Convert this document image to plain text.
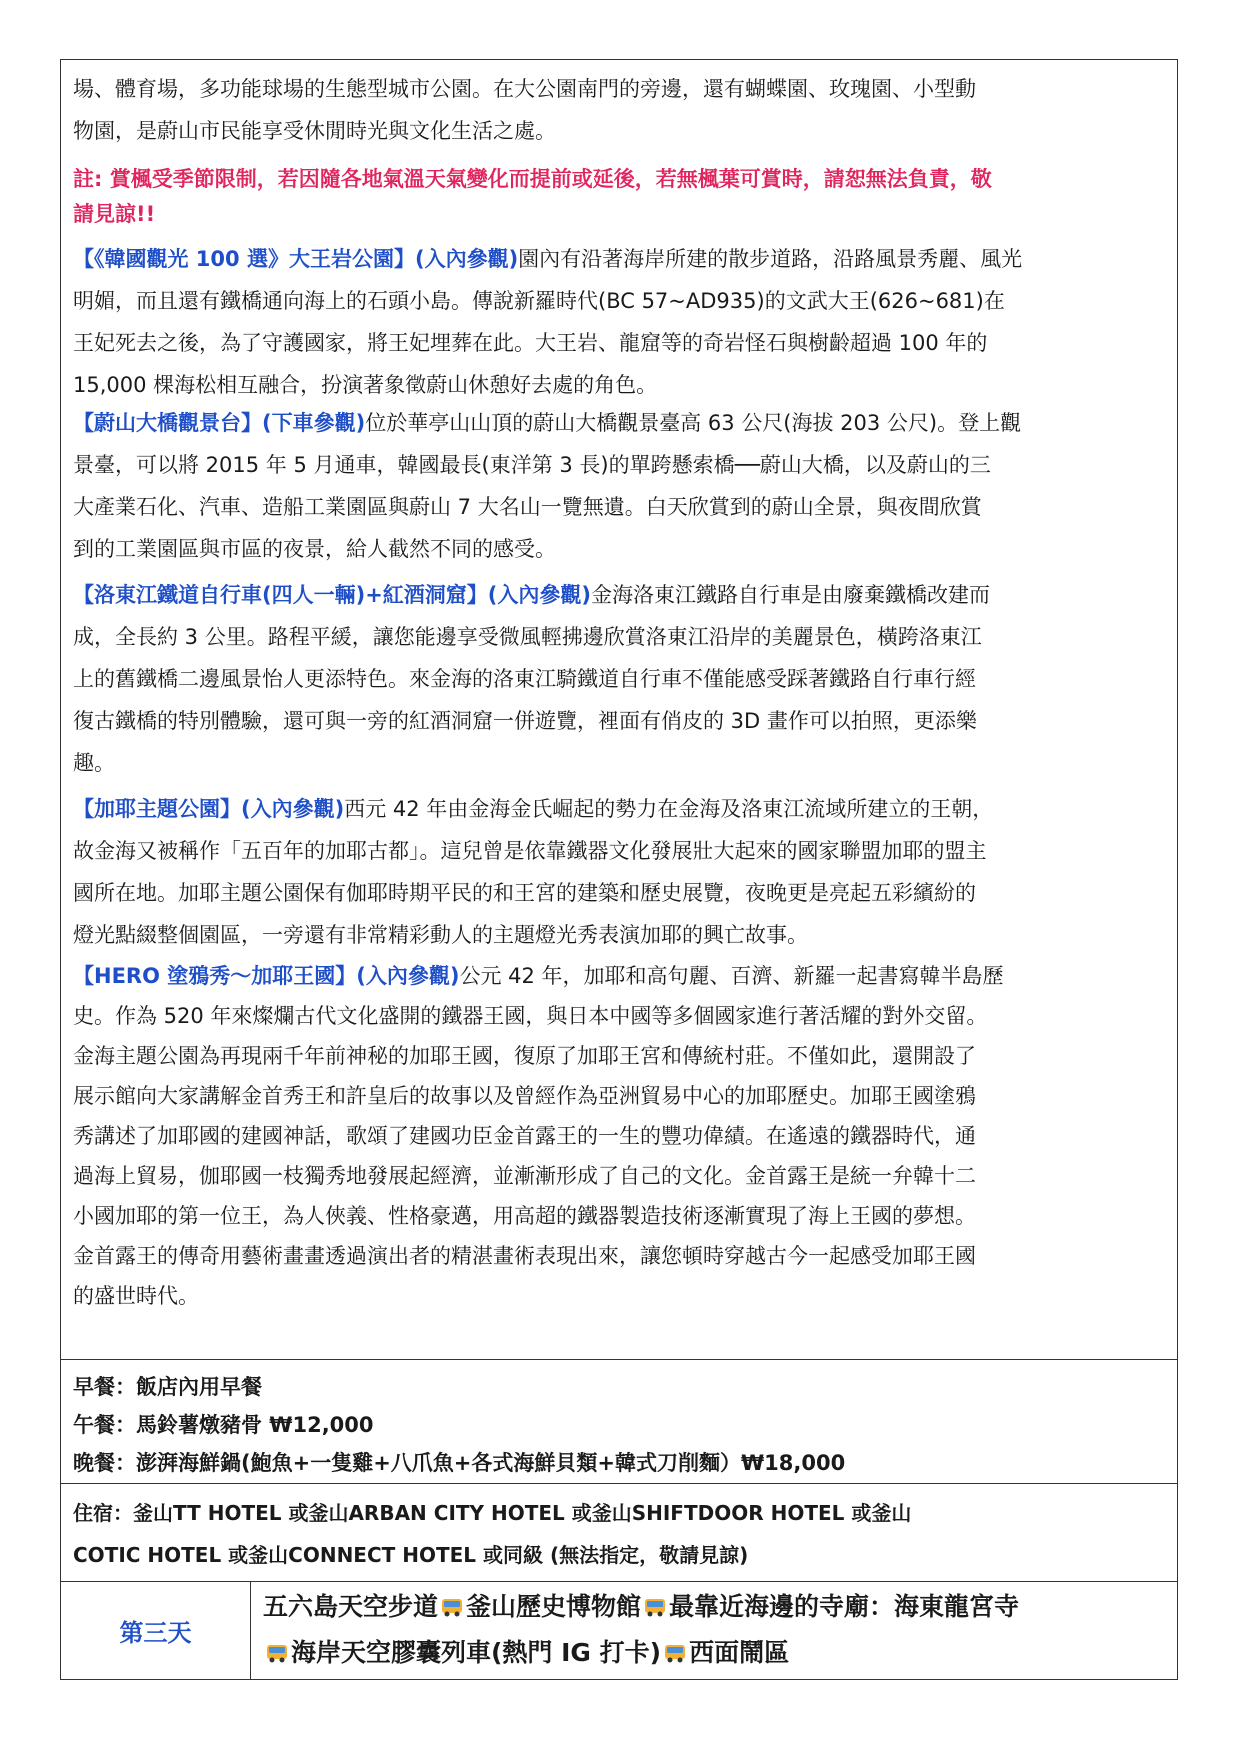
場、體育場，多功能球場的生態型城市公園。在大公園南門的旁邊，還有蝴蝶園、玫瑰園、小型動

物園，是蔚山市民能享受休閒時光與文化生活之處。

註: 賞楓受季節限制，若因隨各地氣溫天氣變化而提前或延後，若無楓葉可賞時，請恕無法負責，敬
請見諒!!

【《韓國觀光 100 選》大王岩公園】(入內參觀)園內有沿著海岸所建的散步道路，沿路風景秀麗、風光
明媚，而且還有鐵橋通向海上的石頭小島。傳說新羅時代(BC 57~AD935)的文武大王(626~681)在
王妃死去之後，為了守護國家，將王妃埋葬在此。大王岩、龍窟等的奇岩怪石與樹齡超過 100 年的
15,000 棵海松相互融合，扮演著象徵蔚山休憩好去處的角色。

【蔚山大橋觀景台】(下車參觀)位於華亭山山頂的蔚山大橋觀景臺高 63 公尺(海拔 203 公尺)。登上觀
景臺，可以將 2015 年 5 月通車，韓國最長(東洋第 3 長)的單跨懸索橋──蔚山大橋，以及蔚山的三
大產業石化、汽車、造船工業園區與蔚山 7 大名山一覽無遺。白天欣賞到的蔚山全景，與夜間欣賞
到的工業園區與市區的夜景，給人截然不同的感受。

【洛東江鐵道自行車(四人一輛)+紅酒洞窟】(入內參觀)金海洛東江鐵路自行車是由廢棄鐵橋改建而
成，全長約 3 公里。路程平緩，讓您能邊享受微風輕拂邊欣賞洛東江沿岸的美麗景色，橫跨洛東江
上的舊鐵橋二邊風景怡人更添特色。來金海的洛東江騎鐵道自行車不僅能感受踩著鐵路自行車行經
復古鐵橋的特別體驗，還可與一旁的紅酒洞窟一併遊覽，裡面有俏皮的 3D 畫作可以拍照，更添樂
趣。

【加耶主題公園】(入內參觀)西元 42 年由金海金氏崛起的勢力在金海及洛東江流域所建立的王朝，
故金海又被稱作「五百年的加耶古都」。這兒曾是依靠鐵器文化發展壯大起來的國家聯盟加耶的盟主
國所在地。加耶主題公園保有伽耶時期平民的和王宮的建築和歷史展覽，夜晚更是亮起五彩繽紛的
燈光點綴整個園區，一旁還有非常精彩動人的主題燈光秀表演加耶的興亡故事。

【HERO 塗鴉秀～加耶王國】(入內參觀)公元 42 年，加耶和高句麗、百濟、新羅一起書寫韓半島歷
史。作為 520 年來燦爛古代文化盛開的鐵器王國，與日本中國等多個國家進行著活耀的對外交留。
金海主題公園為再現兩千年前神秘的加耶王國，復原了加耶王宮和傳統村莊。不僅如此，還開設了
展示館向大家講解金首秀王和許皇后的故事以及曾經作為亞洲貿易中心的加耶歷史。加耶王國塗鴉
秀講述了加耶國的建國神話，歌頌了建國功臣金首露王的一生的豐功偉績。在遙遠的鐵器時代，通
過海上貿易，伽耶國一枝獨秀地發展起經濟，並漸漸形成了自己的文化。金首露王是統一弁韓十二
小國加耶的第一位王，為人俠義、性格豪邁，用高超的鐵器製造技術逐漸實現了海上王國的夢想。
金首露王的傳奇用藝術畫畫透過演出者的精湛畫術表現出來，讓您頓時穿越古今一起感受加耶王國
的盛世時代。

早餐：飯店內用早餐

午餐：馬鈴薯燉豬骨 ₩12,000

晚餐：澎湃海鮮鍋(鮑魚+一隻雞+八爪魚+各式海鮮貝類+韓式刀削麵）₩18,000

住宿：釜山TT HOTEL 或釜山ARBAN CITY HOTEL 或釜山SHIFTDOOR HOTEL 或釜山
COTIC HOTEL 或釜山CONNECT HOTEL 或同級 (無法指定，敬請見諒)

第三天
五六島天空步道 釜山歷史博物館 最靠近海邊的寺廟：海東龍宮寺
海岸天空膠囊列車(熱門 IG 打卡) 西面鬧區
